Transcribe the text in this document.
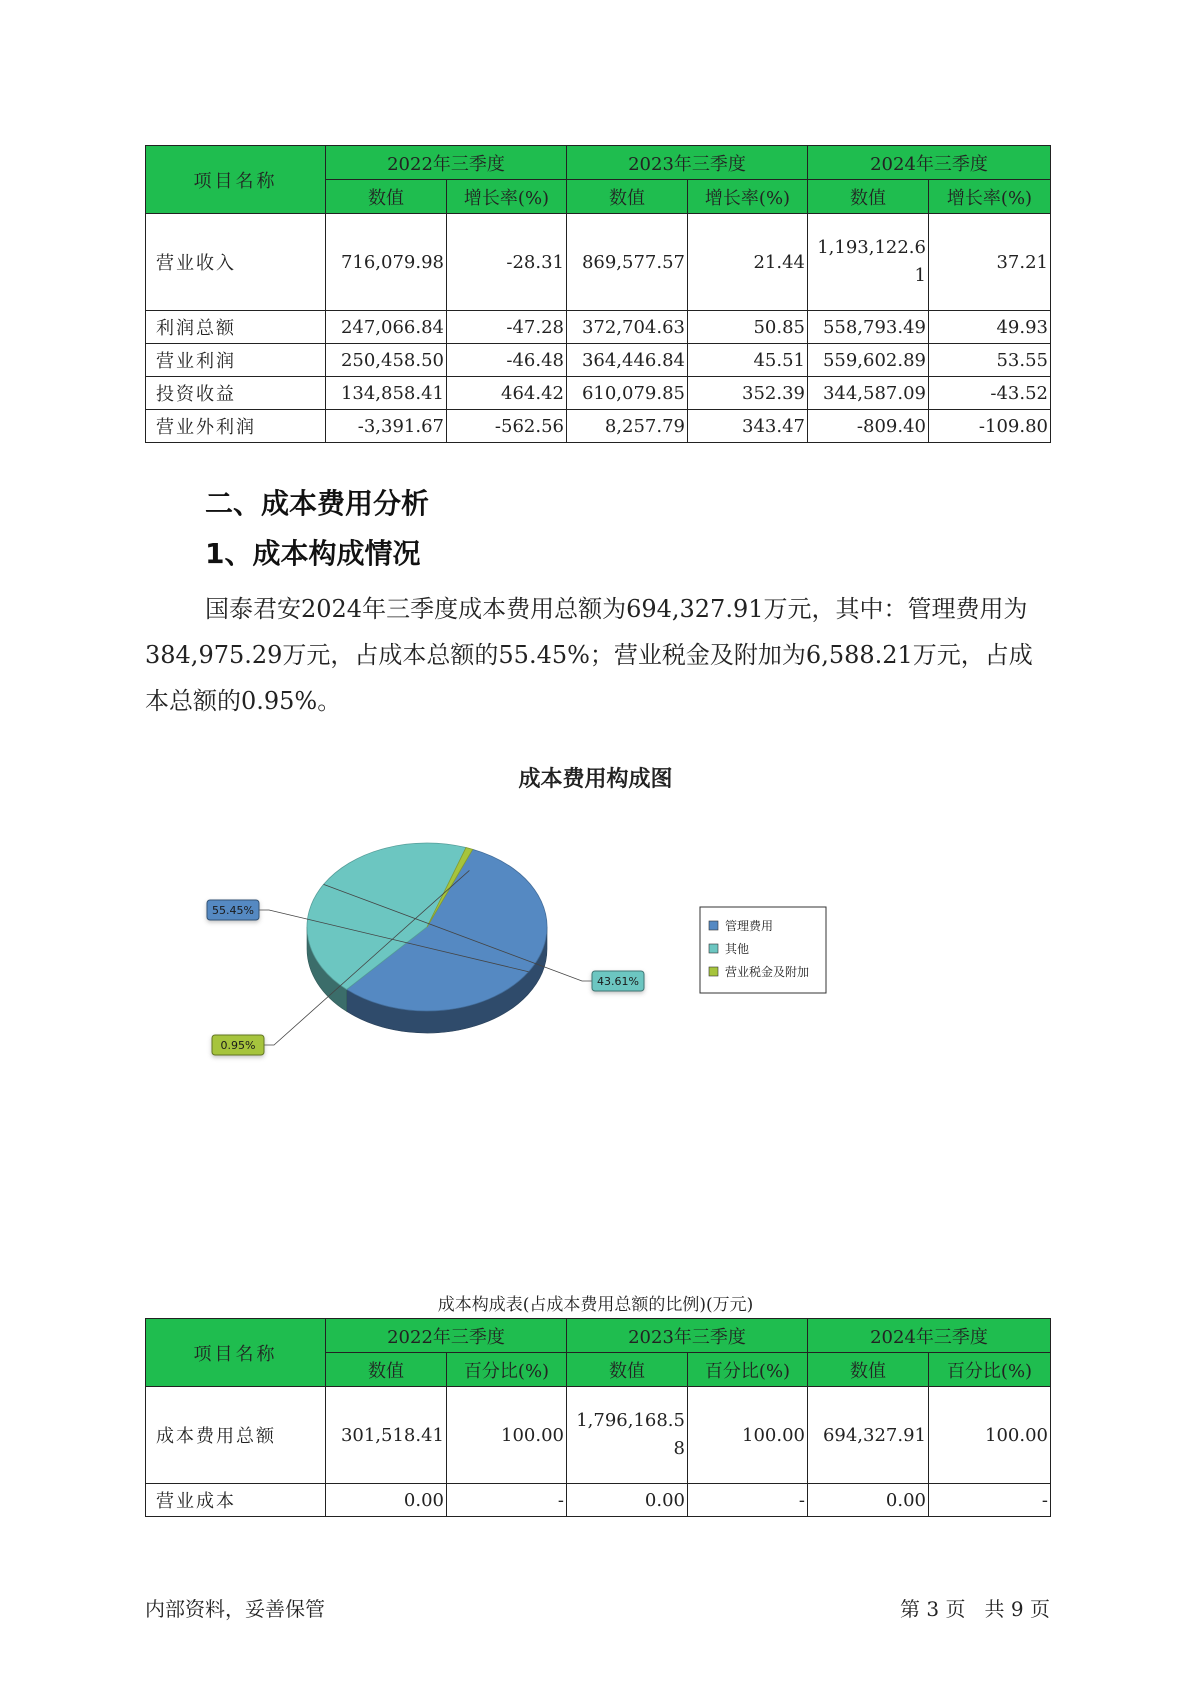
项目名称	2022年三季度		2023年三季度		2024年三季度	
	数值	增长率(%)	数值	增长率(%)	数值	增长率(%)
营业收入	716,079.98	-28.31	869,577.57	21.44	1,193,122.61	37.21
利润总额	247,066.84	-47.28	372,704.63	50.85	558,793.49	49.93
营业利润	250,458.50	-46.48	364,446.84	45.51	559,602.89	53.55
投资收益	134,858.41	464.42	610,079.85	352.39	344,587.09	-43.52
营业外利润	-3,391.67	-562.56	8,257.79	343.47	-809.40	-109.80
二、成本费用分析
1、成本构成情况

国泰君安2024年三季度成本费用总额为694,327.91万元，其中：管理费用为384,975.29万元，占成本总额的55.45%；营业税金及附加为6,588.21万元，占成本总额的0.95%。

成本费用构成图
55.45%
43.61%
0.95%
管理费用
其他
营业税金及附加
成本构成表(占成本费用总额的比例)(万元)
项目名称	2022年三季度		2023年三季度		2024年三季度	
	数值	百分比(%)	数值	百分比(%)	数值	百分比(%)
成本费用总额	301,518.41	100.00	1,796,168.58	100.00	694,327.91	100.00
营业成本	0.00	-	0.00	-	0.00	-
内部资料，妥善保管	第 3 页   共 9 页
